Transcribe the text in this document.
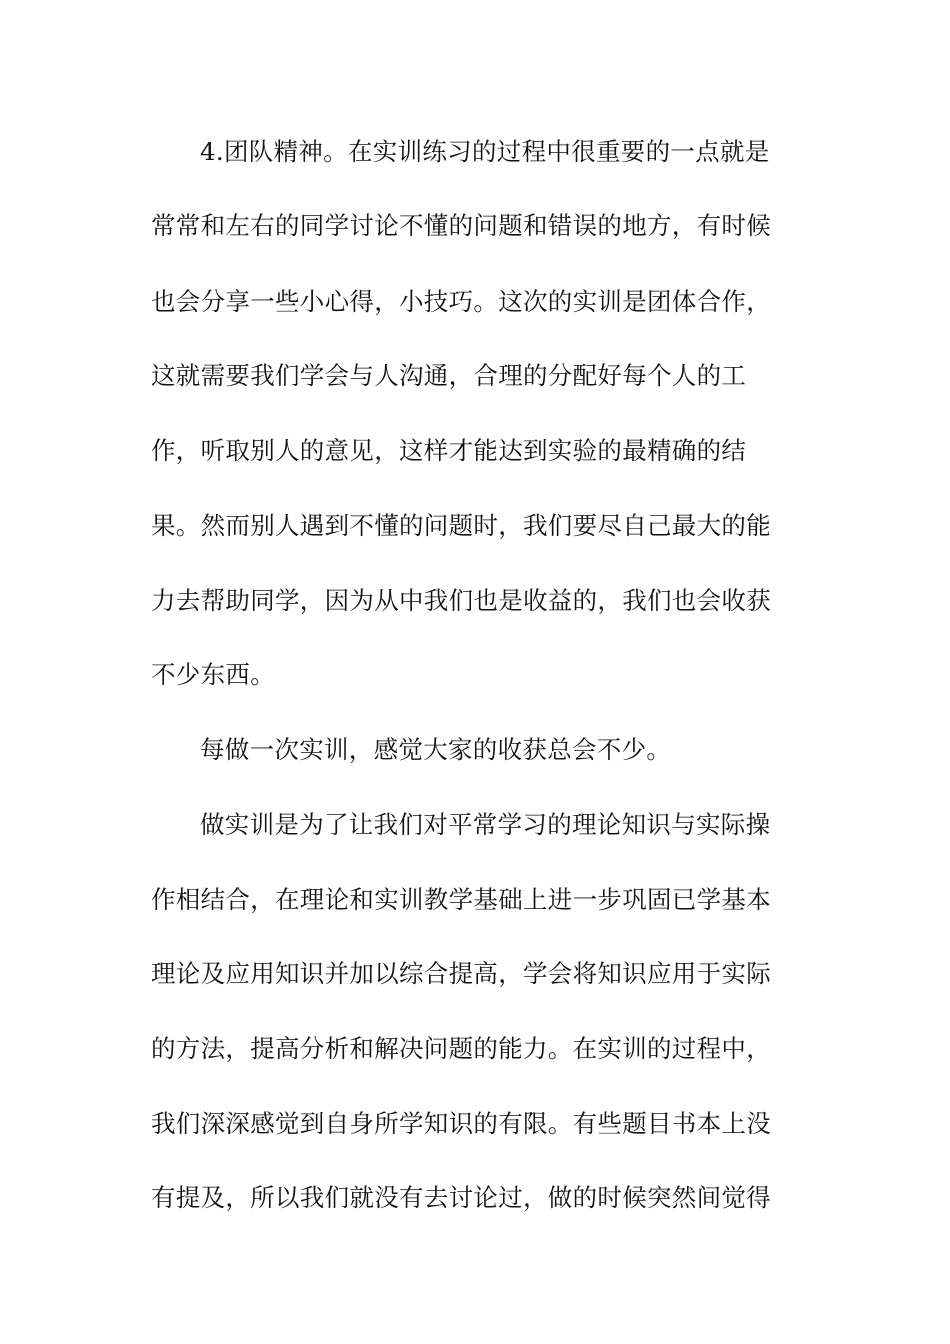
4.团队精神。在实训练习的过程中很重要的一点就是
常常和左右的同学讨论不懂的问题和错误的地方，有时候
也会分享一些小心得，小技巧。这次的实训是团体合作，
这就需要我们学会与人沟通，合理的分配好每个人的工
作，听取别人的意见，这样才能达到实验的最精确的结
果。然而别人遇到不懂的问题时，我们要尽自己最大的能
力去帮助同学，因为从中我们也是收益的，我们也会收获
不少东西。
每做一次实训，感觉大家的收获总会不少。
做实训是为了让我们对平常学习的理论知识与实际操
作相结合，在理论和实训教学基础上进一步巩固已学基本
理论及应用知识并加以综合提高，学会将知识应用于实际
的方法，提高分析和解决问题的能力。在实训的过程中，
我们深深感觉到自身所学知识的有限。有些题目书本上没
有提及，所以我们就没有去讨论过，做的时候突然间觉得
